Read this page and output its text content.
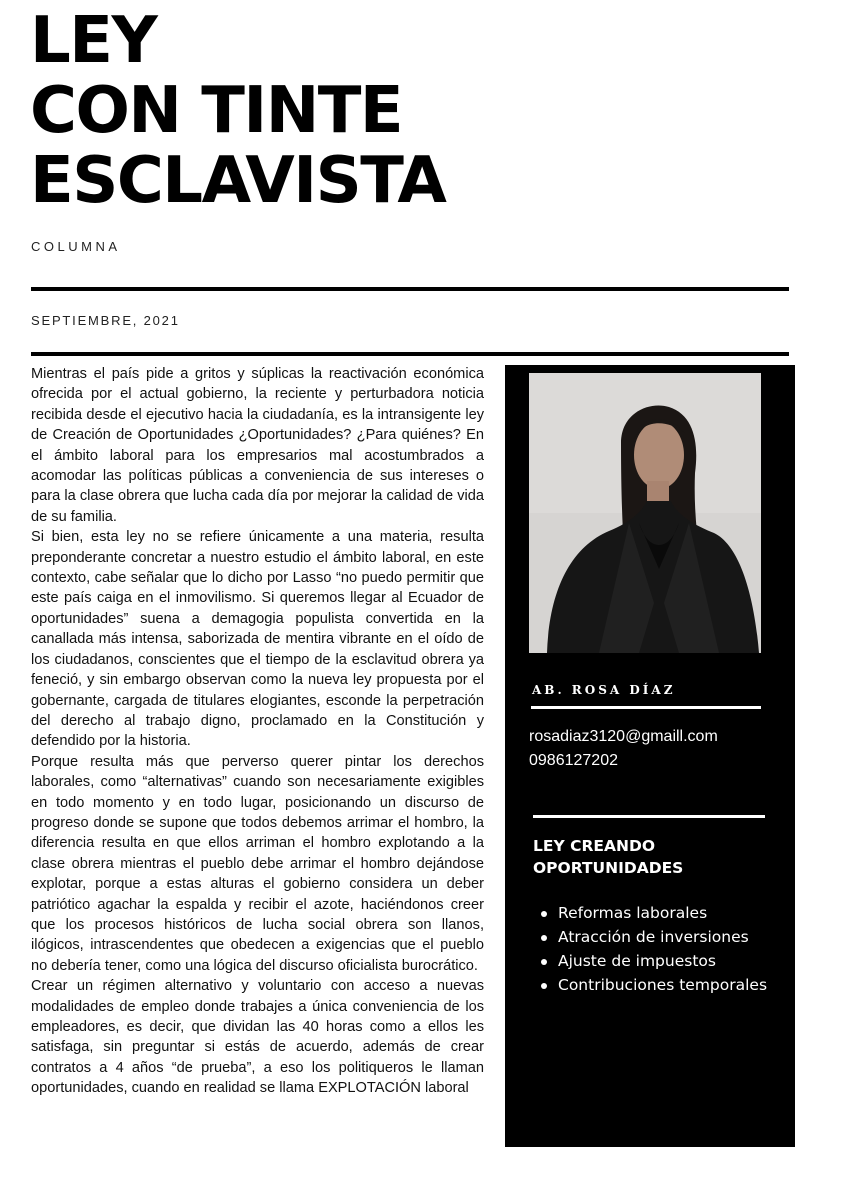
LEY
CON TINTE
ESCLAVISTA
COLUMNA
SEPTIEMBRE, 2021

Mientras el país pide a gritos y súplicas la reactivación económica ofrecida por el actual gobierno, la reciente y perturbadora noticia recibida desde el ejecutivo hacia la ciudadanía, es la intransigente ley de Creación de Oportunidades ¿Oportunidades? ¿Para quiénes? En el ámbito laboral para los empresarios mal acostumbrados a acomodar las políticas públicas a conveniencia de sus intereses o para la clase obrera que lucha cada día por mejorar la calidad de vida de su familia.

Si bien, esta ley no se refiere únicamente a una materia, resulta preponderante concretar a nuestro estudio el ámbito laboral, en este contexto, cabe señalar que lo dicho por Lasso “no puedo permitir que este país caiga en el inmovilismo. Si queremos llegar al Ecuador de oportunidades” suena a demagogia populista convertida en la canallada más intensa, saborizada de mentira vibrante en el oído de los ciudadanos, conscientes que el tiempo de la esclavitud obrera ya feneció, y sin embargo observan como la nueva ley propuesta por el gobernante, cargada de titulares elogiantes, esconde la perpetración del derecho al trabajo digno, proclamado en la Constitución y defendido por la historia.

Porque resulta más que perverso querer pintar los derechos laborales, como “alternativas” cuando son necesariamente exigibles en todo momento y en todo lugar, posicionando un discurso de progreso donde se supone que todos debemos arrimar el hombro, la diferencia resulta en que ellos arriman el hombro explotando a la clase obrera mientras el pueblo debe arrimar el hombro dejándose explotar, porque a estas alturas el gobierno considera un deber patriótico agachar la espalda y recibir el azote, haciéndonos creer que los procesos históricos de lucha social obrera son llanos, ilógicos, intrascendentes que obedecen a exigencias que el pueblo no debería tener, como una lógica del discurso oficialista burocrático.

Crear un régimen alternativo y voluntario con acceso a nuevas modalidades de empleo donde trabajes a única conveniencia de los empleadores, es decir, que dividan las 40 horas como a ellos les satisfaga, sin preguntar si estás de acuerdo, además de crear contratos a 4 años “de prueba”, a eso los politiqueros le llaman oportunidades, cuando en realidad se llama EXPLOTACIÓN laboral

AB. ROSA DÍAZ
rosadiaz3120@gmaill.com
0986127202
LEY CREANDO OPORTUNIDADES
Reformas laborales
Atracción de inversiones
Ajuste de impuestos
Contribuciones temporales
